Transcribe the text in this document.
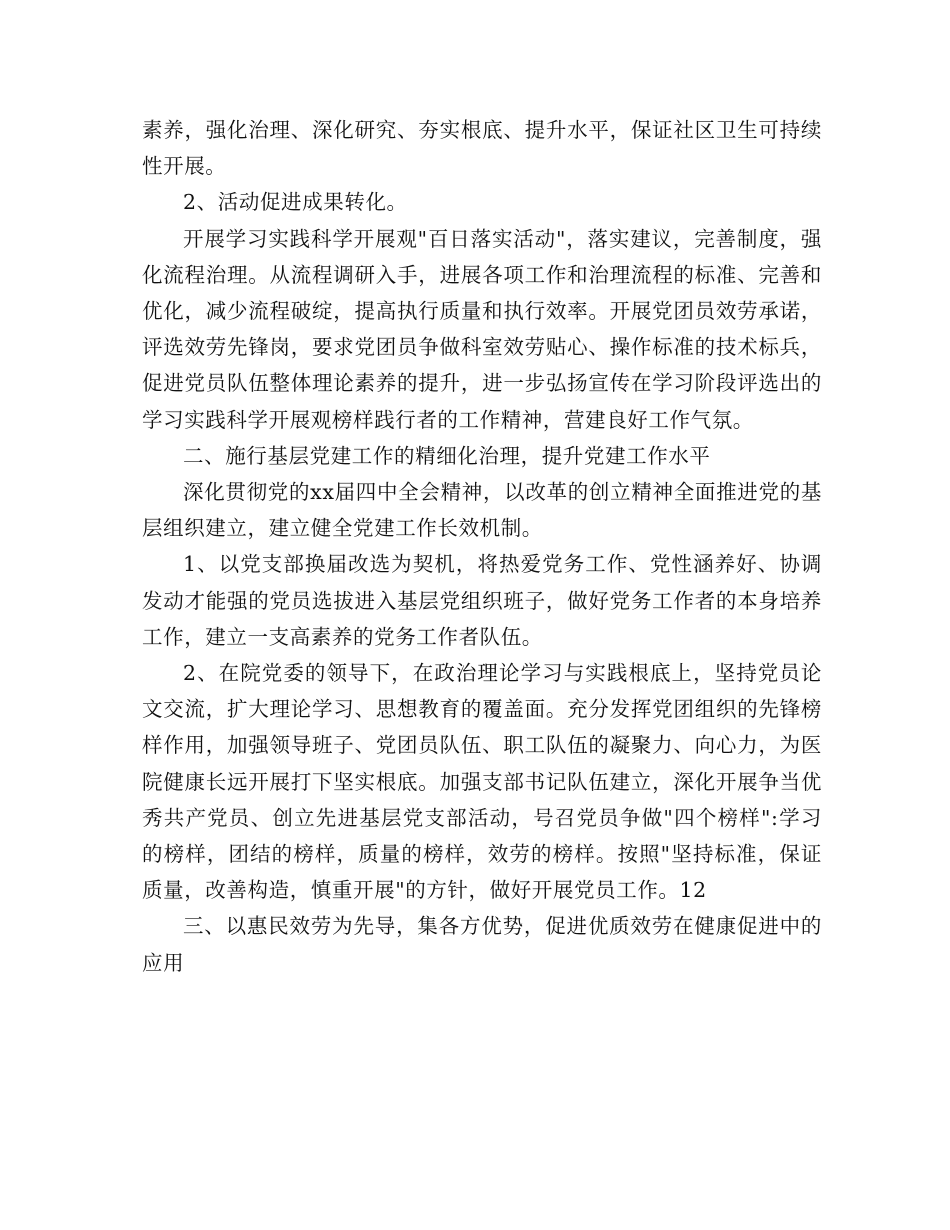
素养，强化治理、深化研究、夯实根底、提升水平，保证社区卫生可持续性开展。

2、活动促进成果转化。

开展学习实践科学开展观"百日落实活动"，落实建议，完善制度，强化流程治理。从流程调研入手，进展各项工作和治理流程的标准、完善和优化，减少流程破绽，提高执行质量和执行效率。开展党团员效劳承诺，评选效劳先锋岗，要求党团员争做科室效劳贴心、操作标准的技术标兵，促进党员队伍整体理论素养的提升，进一步弘扬宣传在学习阶段评选出的学习实践科学开展观榜样践行者的工作精神，营建良好工作气氛。

二、施行基层党建工作的精细化治理，提升党建工作水平

深化贯彻党的xx届四中全会精神，以改革的创立精神全面推进党的基层组织建立，建立健全党建工作长效机制。

1、以党支部换届改选为契机，将热爱党务工作、党性涵养好、协调发动才能强的党员选拔进入基层党组织班子，做好党务工作者的本身培养工作，建立一支高素养的党务工作者队伍。

2、在院党委的领导下，在政治理论学习与实践根底上，坚持党员论文交流，扩大理论学习、思想教育的覆盖面。充分发挥党团组织的先锋榜样作用，加强领导班子、党团员队伍、职工队伍的凝聚力、向心力，为医院健康长远开展打下坚实根底。加强支部书记队伍建立，深化开展争当优秀共产党员、创立先进基层党支部活动，号召党员争做"四个榜样":学习的榜样，团结的榜样，质量的榜样，效劳的榜样。按照"坚持标准，保证质量，改善构造，慎重开展"的方针，做好开展党员工作。12

三、以惠民效劳为先导，集各方优势，促进优质效劳在健康促进中的应用
